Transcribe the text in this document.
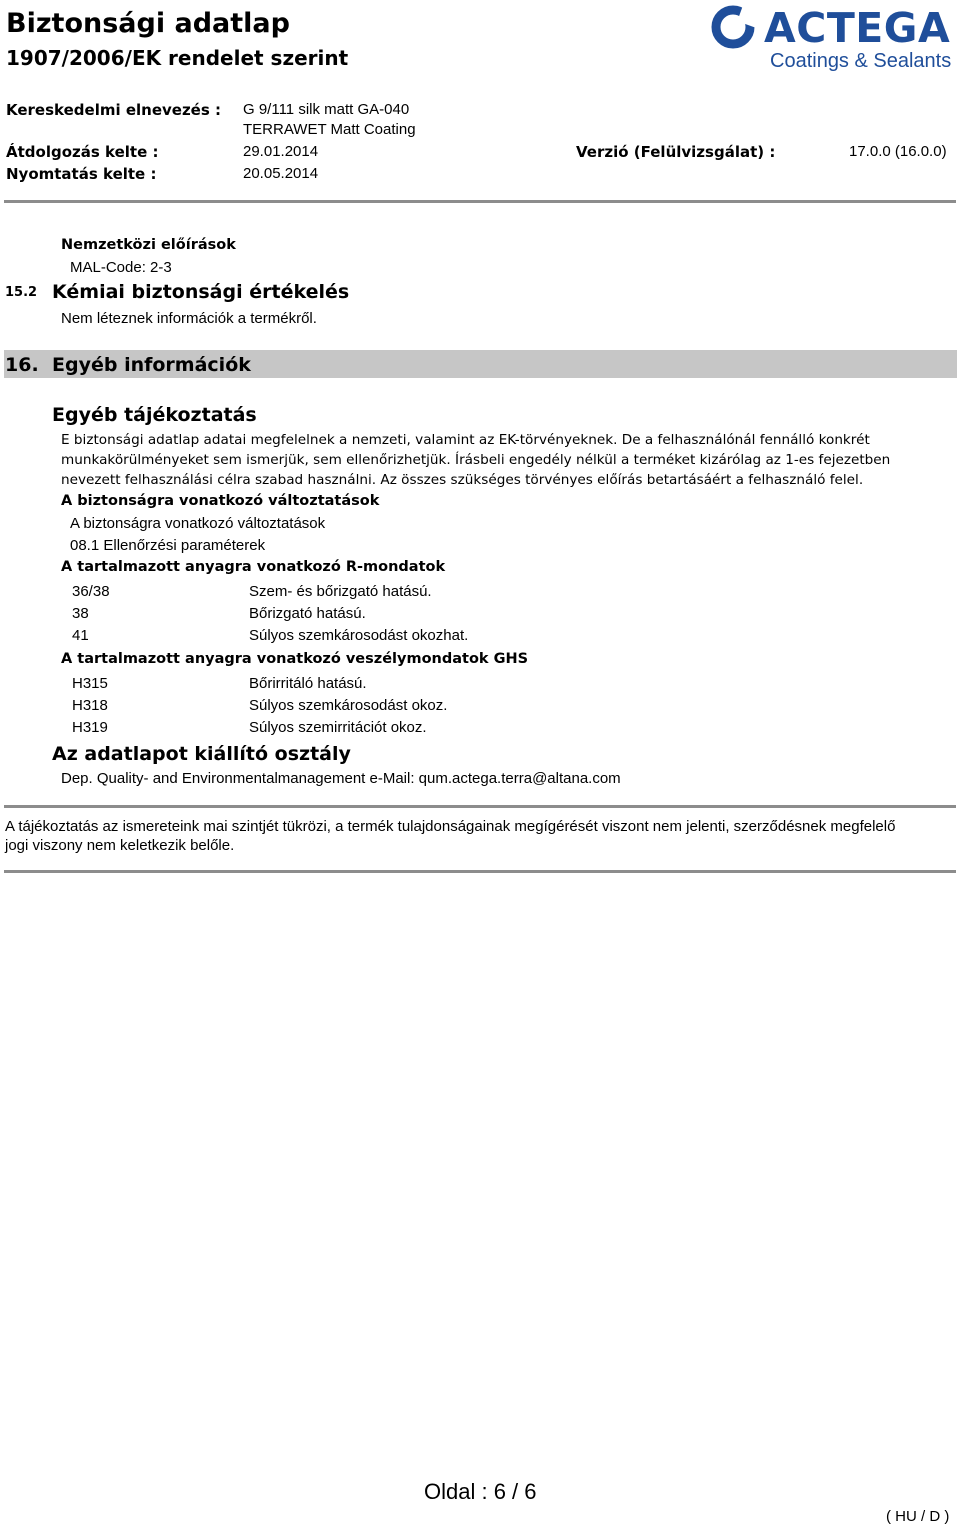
Biztonsági adatlap
1907/2006/EK rendelet szerint
ACTEGA
Coatings & Sealants
Kereskedelmi elnevezés : G 9/111 silk matt GA-040
TERRAWET Matt Coating
Átdolgozás kelte :	29.01.2014	Verzió (Felülvizsgálat) :	17.0.0 (16.0.0)
Nyomtatás kelte :	20.05.2014
Nemzetközi előírások
MAL-Code: 2-3
15.2 Kémiai biztonsági értékelés
Nem léteznek információk a termékről.
16. Egyéb információk
Egyéb tájékoztatás
E biztonsági adatlap adatai megfelelnek a nemzeti, valamint az EK-törvényeknek. De a felhasználónál fennálló konkrét
munkakörülményeket sem ismerjük, sem ellenőrizhetjük. Írásbeli engedély nélkül a terméket kizárólag az 1-es fejezetben
nevezett felhasználási célra szabad használni. Az összes szükséges törvényes előírás betartásáért a felhasználó felel.
A biztonságra vonatkozó változtatások
A biztonságra vonatkozó változtatások
08.1 Ellenőrzési paraméterek
A tartalmazott anyagra vonatkozó R-mondatok
36/38	Szem- és bőrizgató hatású.
38	Bőrizgató hatású.
41	Súlyos szemkárosodást okozhat.
A tartalmazott anyagra vonatkozó veszélymondatok GHS
H315	Bőrirritáló hatású.
H318	Súlyos szemkárosodást okoz.
H319	Súlyos szemirritációt okoz.
Az adatlapot kiállító osztály
Dep. Quality- and Environmentalmanagement e-Mail: qum.actega.terra@altana.com
A tájékoztatás az ismereteink mai szintjét tükrözi, a termék tulajdonságainak megígérését viszont nem jelenti, szerződésnek megfelelő
jogi viszony nem keletkezik belőle.
Oldal : 6 / 6
( HU / D )
